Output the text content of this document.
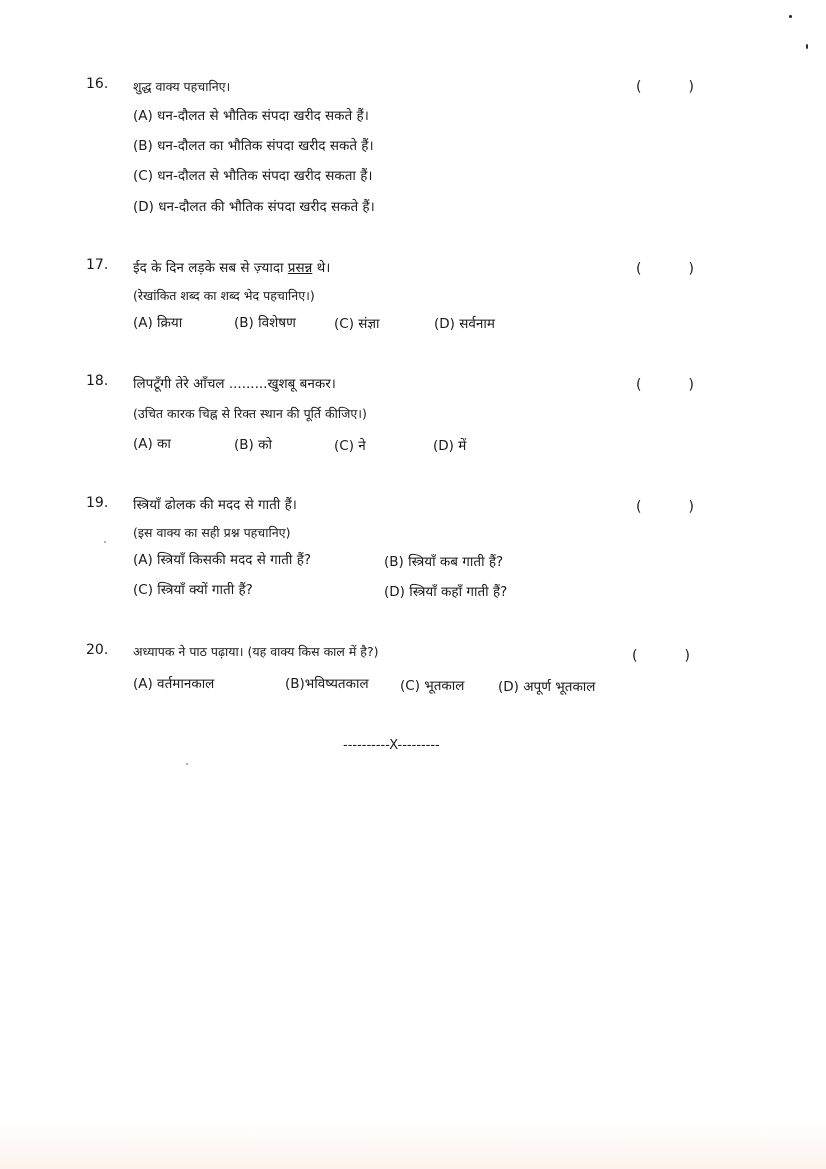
16. शुद्ध वाक्य पहचानिए।	(	)
(A) धन-दौलत से भौतिक संपदा खरीद सकते हैं।
(B) धन-दौलत का भौतिक संपदा खरीद सकते हैं।
(C) धन-दौलत से भौतिक संपदा खरीद सकता हैं।
(D) धन-दौलत की भौतिक संपदा खरीद सकते हैं।
17. ईद के दिन लड़के सब से ज़्यादा प्रसन्न थे।	(	)
(रेखांकित शब्द का शब्द भेद पहचानिए।)
(A) क्रिया	(B) विशेषण	(C) संज्ञा	(D) सर्वनाम
18. लिपटूँगी तेरे आँचल .........खुशबू बनकर।	(	)
(उचित कारक चिह्न से रिक्त स्थान की पूर्ति कीजिए।)
(A) का	(B) को	(C) ने	(D) में
19. स्त्रियाँ ढोलक की मदद से गाती हैं।	(	)
(इस वाक्य का सही प्रश्न पहचानिए)
(A) स्त्रियाँ किसकी मदद से गाती हैं?	(B) स्त्रियाँ कब गाती हैं?
(C) स्त्रियाँ क्यों गाती हैं?	(D) स्त्रियाँ कहाँ गाती हैं?
20. अध्यापक ने पाठ पढ़ाया। (यह वाक्य किस काल में है?)	(	)
(A) वर्तमानकाल	(B)भविष्यतकाल (C) भूतकाल (D) अपूर्ण भूतकाल
----------X---------
